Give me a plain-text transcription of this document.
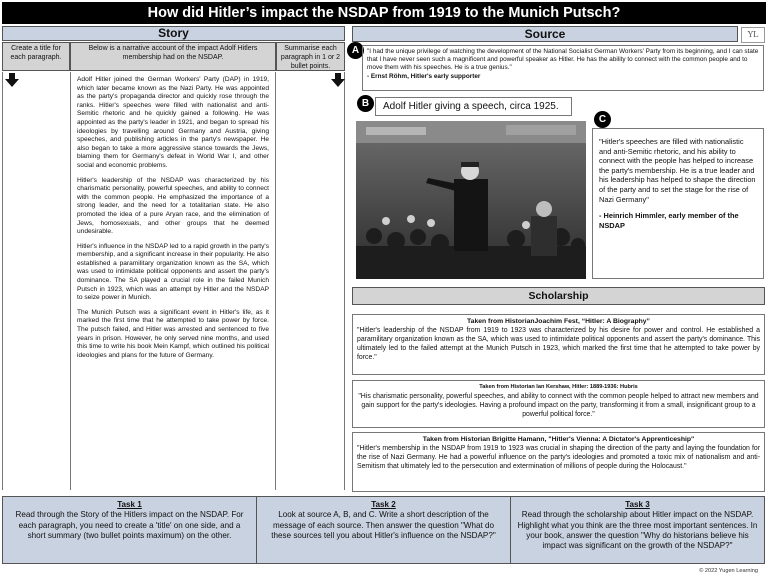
How did Hitler’s impact the NSDAP from 1919 to the Munich Putsch?
Story
Create a title for each paragraph.
Below is a narrative account of the impact Adolf Hitlers membership had on the NSDAP.
Summarise each paragraph in 1 or 2 bullet points.

Adolf Hitler joined the German Workers' Party (DAP) in 1919, which later became known as the Nazi Party. He was appointed as the party's propaganda director and quickly rose through the ranks. Hitler's speeches were filled with nationalist and anti-Semitic rhetoric and he quickly gained a following. He was appointed as the party's leader in 1921, and began to spread his ideologies by travelling around Germany and Austria, giving speeches, and publishing articles in the party's newspaper. He also began to take a more aggressive stance towards the Jews, blaming them for Germany's defeat in World War I, and other social and economic problems.

Hitler's leadership of the NSDAP was characterized by his charismatic personality, powerful speeches, and ability to connect with the common people. He emphasized the importance of a strong leader, and the need for a totalitarian state. He also promoted the idea of a pure Aryan race, and the elimination of Jews, homosexuals, and other groups that he deemed undesirable.

Hitler's influence in the NSDAP led to a rapid growth in the party's membership, and a significant increase in their popularity. He also established a paramilitary organization known as the SA, which was used to intimidate political opponents and assert the party's dominance. The SA played a crucial role in the failed Munich Putsch in 1923, which was an attempt by Hitler and the NSDAP to seize power in Munich.

The Munich Putsch was a significant event in Hitler's life, as it marked the first time that he attempted to take power by force. The putsch failed, and Hitler was arrested and sentenced to five years in prison. However, he only served nine months, and used this time to write his book Mein Kampf, which outlined his political ideologies and plans for the future of Germany.

Source	YL
A	"I had the unique privilege of watching the development of the National Socialist German Workers' Party from its beginning, and I can state that I have never seen such a magnificent and powerful speaker as Hitler. He has the ability to connect with the common people and to move them with his speeches. He is a true genius."
- Ernst Röhm, Hitler's early supporter
B	Adolf Hitler giving a speech, circa 1925.
C
"Hitler's speeches are filled with nationalistic and anti-Semitic rhetoric, and his ability to connect with the people has helped to increase the party's membership. He is a true leader and his leadership has helped to shape the direction of the party and to set the stage for the rise of Nazi Germany"
- Heinrich Himmler, early member of the NSDAP
Scholarship
Taken from HistorianJoachim Fest, “Hitler: A Biography”
"Hitler's leadership of the NSDAP from 1919 to 1923 was characterized by his desire for power and control. He established a paramilitary organization known as the SA, which was used to intimidate political opponents and assert the party's dominance. This ultimately led to the failed attempt at the Munich Putsch in 1923, which marked the first time that he attempted to take power by force."
Taken from Historian Ian Kershaw, Hitler: 1889-1936: Hubris
"His charismatic personality, powerful speeches, and ability to connect with the common people helped to attract new members and gain support for the party's ideologies. Having a profound impact on the party, transforming it from a small, insignificant group to a powerful political force."
Taken from Historian Brigitte Hamann, "Hitler's Vienna: A Dictator's Apprenticeship"
"Hitler's membership in the NSDAP from 1919 to 1923 was crucial in shaping the direction of the party and laying the foundation for the rise of Nazi Germany. He had a powerful influence on the party's ideologies and promoted a toxic mix of nationalism and anti-Semitism that ultimately led to the persecution and extermination of millions of people during the Holocaust."
Task 1
Read through the Story of the Hitlers impact on the NSDAP. For each paragraph, you need to create a 'title' on one side, and a short summary (two bullet points maximum) on the other.
Task 2
Look at source A, B, and C. Write a short description of the message of each source. Then answer the question "What do these sources tell you about Hitler's influence on the NSDAP?"
Task 3
Read through the scholarship about Hitler impact on the NSDAP. Highlight what you think are the three most important sentences. In your book, answer the question "Why do historians believe his impact was significant on the growth of the NSDAP?"
© 2022 Yugen Learning
